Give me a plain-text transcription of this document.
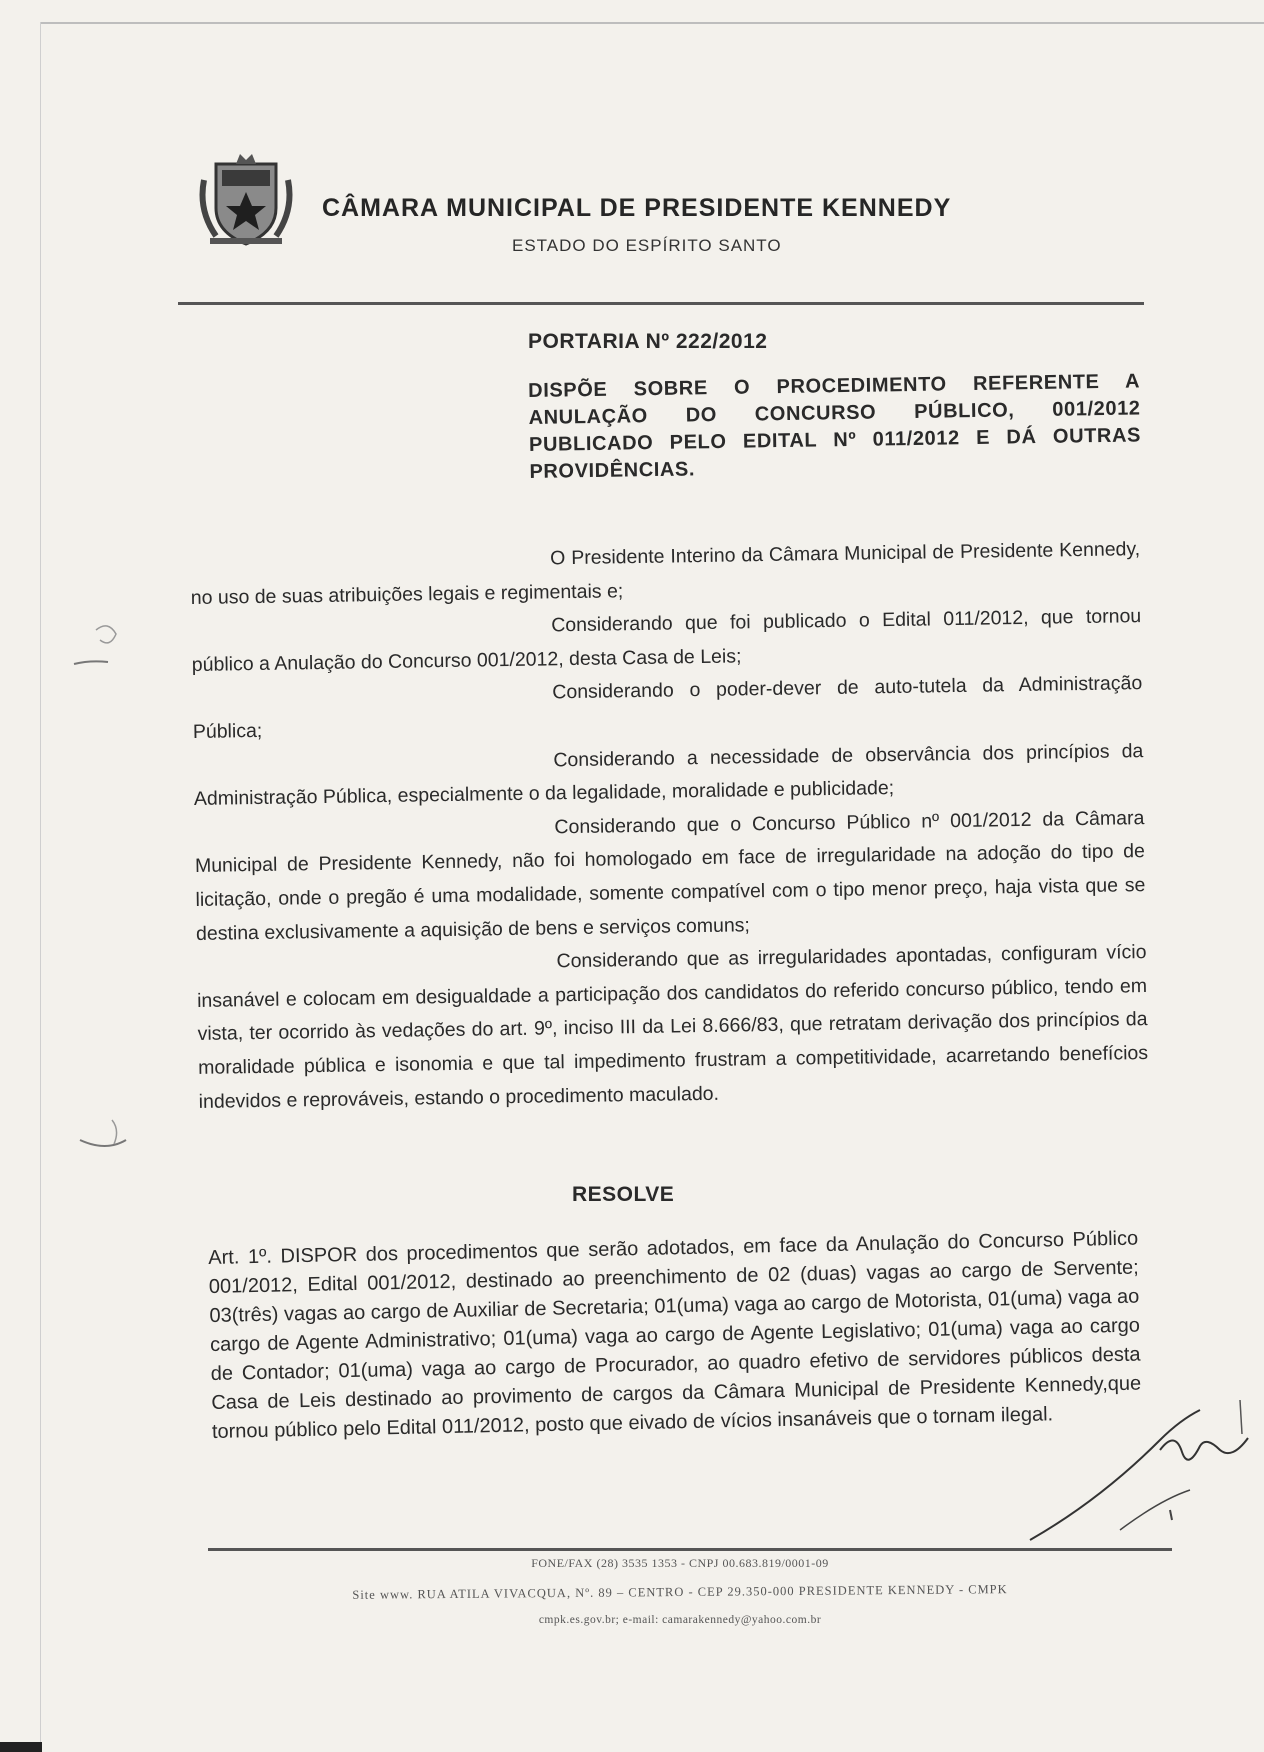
CÂMARA MUNICIPAL DE PRESIDENTE KENNEDY
ESTADO DO ESPÍRITO SANTO
PORTARIA Nº 222/2012
DISPÕE SOBRE O PROCEDIMENTO REFERENTE A ANULAÇÃO DO CONCURSO PÚBLICO, 001/2012 PUBLICADO PELO EDITAL Nº 011/2012 E DÁ OUTRAS PROVIDÊNCIAS.

O Presidente Interino da Câmara Municipal de Presidente Kennedy, no uso de suas atribuições legais e regimentais e;

Considerando que foi publicado o Edital 011/2012, que tornou público a Anulação do Concurso 001/2012, desta Casa de Leis;

Considerando o poder-dever de auto-tutela da Administração Pública;

Considerando a necessidade de observância dos princípios da Administração Pública, especialmente o da legalidade, moralidade e publicidade;

Considerando que o Concurso Público nº 001/2012 da Câmara Municipal de Presidente Kennedy, não foi homologado em face de irregularidade na adoção do tipo de licitação, onde o pregão é uma modalidade, somente compatível com o tipo menor preço, haja vista que se destina exclusivamente a aquisição de bens e serviços comuns;

Considerando que as irregularidades apontadas, configuram vício insanável e colocam em desigualdade a participação dos candidatos do referido concurso público, tendo em vista, ter ocorrido às vedações do art. 9º, inciso III da Lei 8.666/83, que retratam derivação dos princípios da moralidade pública e isonomia e que tal impedimento frustram a competitividade, acarretando benefícios indevidos e reprováveis, estando o procedimento maculado.

RESOLVE
Art. 1º. DISPOR dos procedimentos que serão adotados, em face da Anulação do Concurso Público 001/2012, Edital 001/2012, destinado ao preenchimento de 02 (duas) vagas ao cargo de Servente; 03(três) vagas ao cargo de Auxiliar de Secretaria; 01(uma) vaga ao cargo de Motorista, 01(uma) vaga ao cargo de Agente Administrativo; 01(uma) vaga ao cargo de Agente Legislativo; 01(uma) vaga ao cargo de Contador; 01(uma) vaga ao cargo de Procurador, ao quadro efetivo de servidores públicos desta Casa de Leis destinado ao provimento de cargos da Câmara Municipal de Presidente Kennedy,que tornou público pelo Edital 011/2012, posto que eivado de vícios insanáveis que o tornam ilegal.
FONE/FAX (28) 3535 1353 - CNPJ 00.683.819/0001-09
Site www. RUA ATILA VIVACQUA, Nº. 89 – CENTRO - CEP 29.350-000 PRESIDENTE KENNEDY - CMPK
cmpk.es.gov.br; e-mail: camarakennedy@yahoo.com.br
